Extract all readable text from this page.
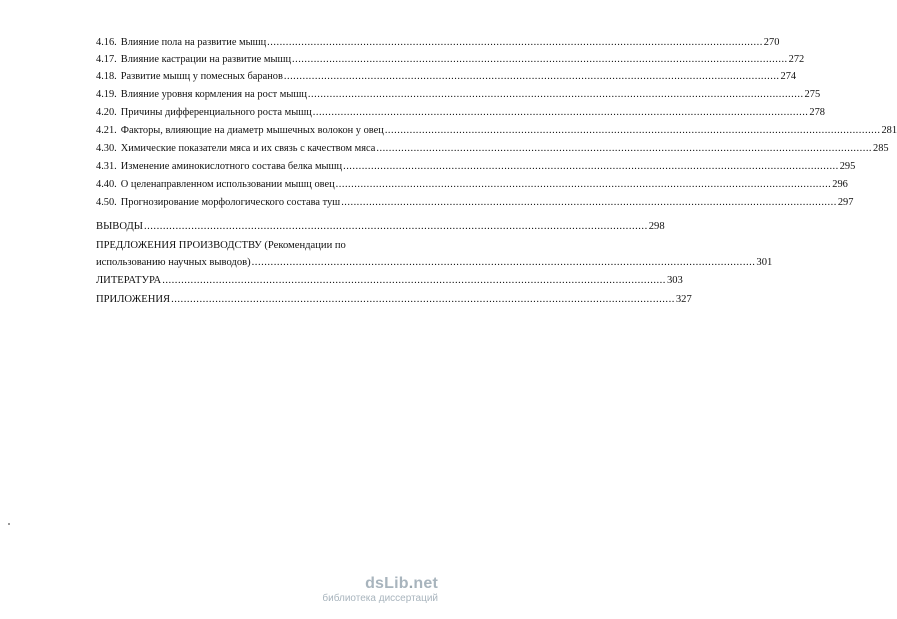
4.16. Влияние пола на развитие мышц .....	270
4.17. Влияние кастрации на развитие мышц .....	272
4.18. Развитие мышц у помесных баранов .....	274
4.19. Влияние уровня кормления на рост мышц .....	275
4.20. Причины дифференциального роста мышц .....	278
4.21. Факторы, влияющие на диаметр мышечных волокон у овец .....	281
4.30. Химические показатели мяса и их связь с качеством мяса .....	285
4.31. Изменение аминокислотного состава белка мышц .....	295
4.40. О целенаправленном использовании мышц овец .....	296
4.50. Прогнозирование морфологического состава туш .....	297
ВЫВОДЫ .....	298
ПРЕДЛОЖЕНИЯ ПРОИЗВОДСТВУ (Рекомендации по
использованию научных выводов) .....	301
ЛИТЕРАТУРА .....	303
ПРИЛОЖЕНИЯ .....	327
dsLib.net
библиотека диссертаций
